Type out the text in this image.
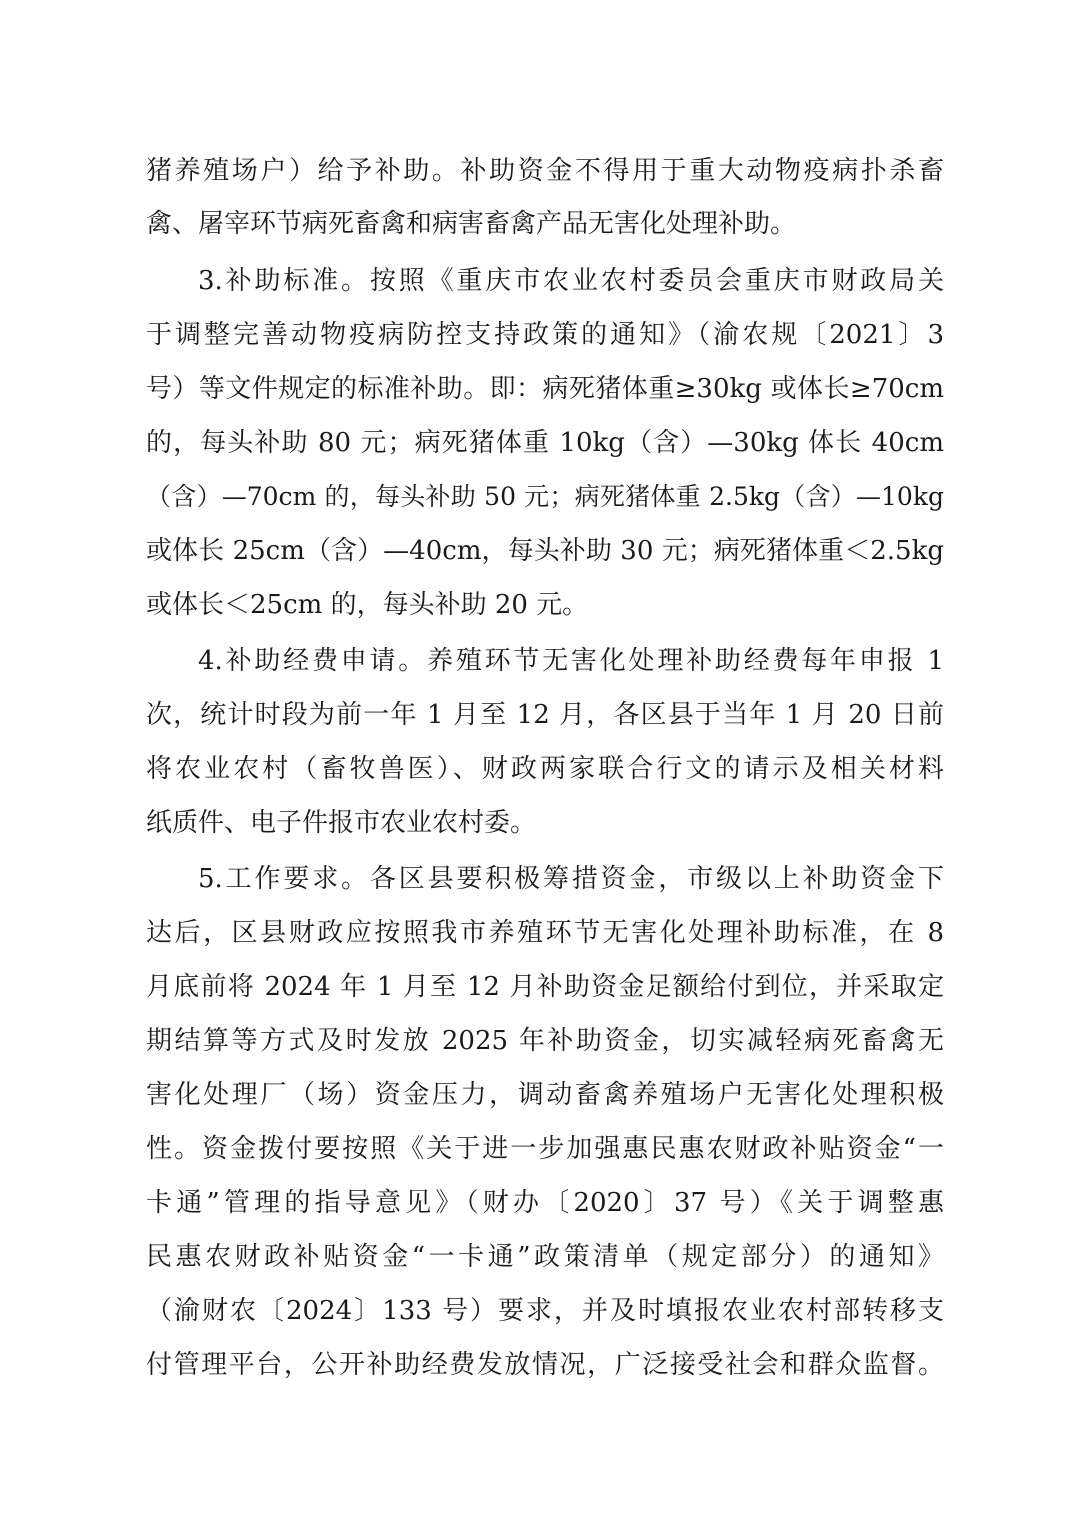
猪养殖场户）给予补助。补助资金不得用于重大动物疫病扑杀畜
禽、屠宰环节病死畜禽和病害畜禽产品无害化处理补助。
3.补助标准。按照《重庆市农业农村委员会重庆市财政局关
于调整完善动物疫病防控支持政策的通知》（渝农规〔2021〕3
号）等文件规定的标准补助。即：病死猪体重≥30kg 或体长≥70cm
的，每头补助 80 元；病死猪体重 10kg（含）—30kg 体长 40cm
（含）—70cm 的，每头补助 50 元；病死猪体重 2.5kg（含）—10kg
或体长 25cm（含）—40cm，每头补助 30 元；病死猪体重＜2.5kg
或体长＜25cm 的，每头补助 20 元。
4.补助经费申请。养殖环节无害化处理补助经费每年申报 1
次，统计时段为前一年 1 月至 12 月，各区县于当年 1 月 20 日前
将农业农村（畜牧兽医）、财政两家联合行文的请示及相关材料
纸质件、电子件报市农业农村委。
5.工作要求。各区县要积极筹措资金，市级以上补助资金下
达后，区县财政应按照我市养殖环节无害化处理补助标准，在 8
月底前将 2024 年 1 月至 12 月补助资金足额给付到位，并采取定
期结算等方式及时发放 2025 年补助资金，切实减轻病死畜禽无
害化处理厂（场）资金压力，调动畜禽养殖场户无害化处理积极
性。资金拨付要按照《关于进一步加强惠民惠农财政补贴资金“一
卡通”管理的指导意见》（财办〔2020〕37 号）《关于调整惠
民惠农财政补贴资金“一卡通”政策清单（规定部分）的通知》
（渝财农〔2024〕133 号）要求，并及时填报农业农村部转移支
付管理平台，公开补助经费发放情况，广泛接受社会和群众监督。
